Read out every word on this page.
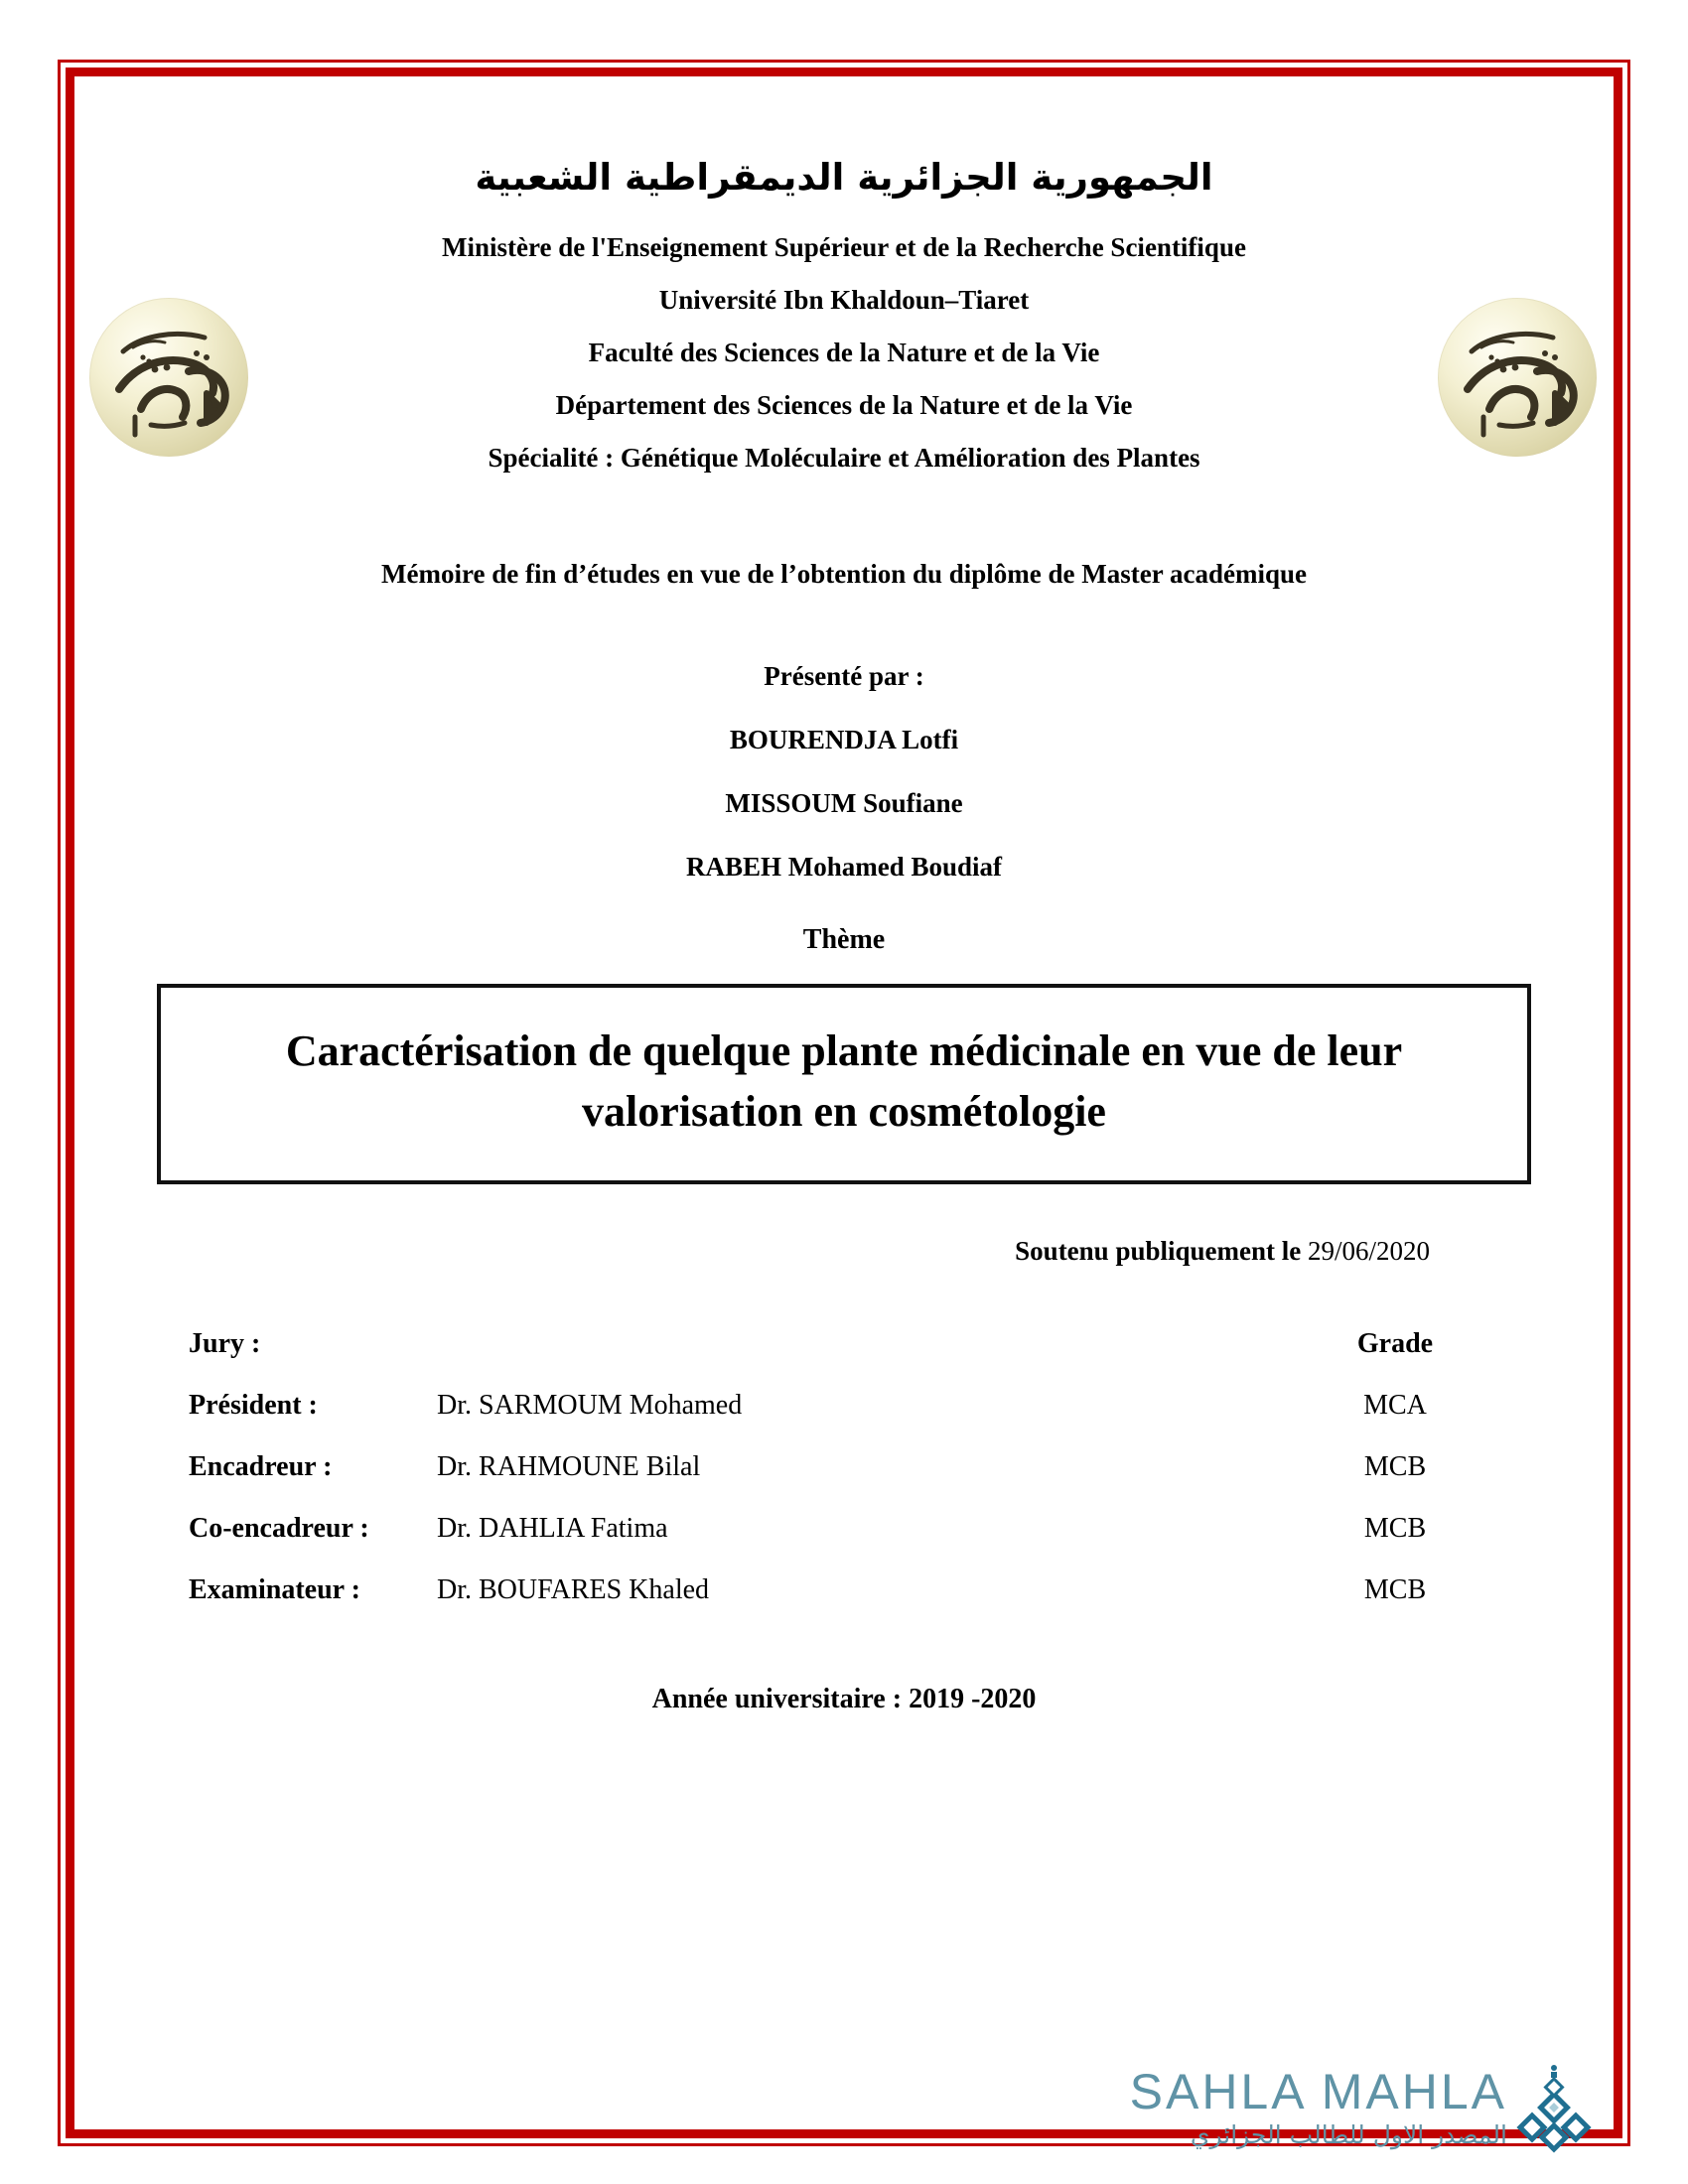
الجمهورية الجزائرية الديمقراطية الشعبية
Ministère de l'Enseignement Supérieur et de la Recherche Scientifique
Université Ibn Khaldoun–Tiaret
Faculté des Sciences de la Nature et de la Vie
Département des Sciences de la Nature et de la Vie
Spécialité : Génétique Moléculaire et Amélioration des Plantes
Mémoire de fin d’études en vue de l’obtention du diplôme de Master académique
Présenté par :
BOURENDJA Lotfi
MISSOUM Soufiane
RABEH Mohamed Boudiaf
Thème
Caractérisation de quelque plante médicinale en vue de leur valorisation en cosmétologie
Soutenu publiquement le 29/06/2020
Jury :	Grade
Président :	Dr. SARMOUM Mohamed	MCA
Encadreur :	Dr. RAHMOUNE Bilal	MCB
Co-encadreur :	Dr. DAHLIA Fatima	MCB
Examinateur :	Dr. BOUFARES Khaled	MCB
Année universitaire : 2019 -2020
SAHLA MAHLA
المصدر الاول للطالب الجزائري
